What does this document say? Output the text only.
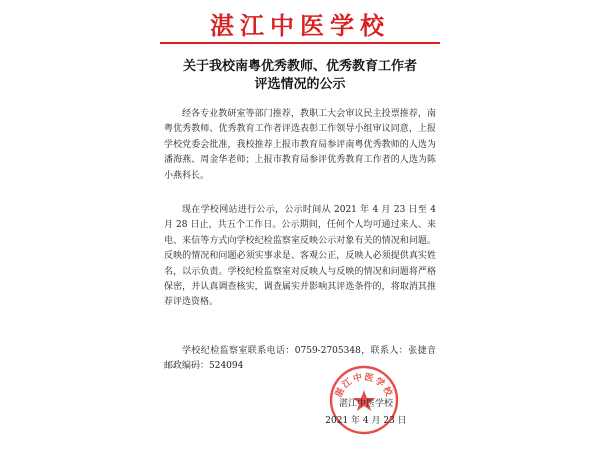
湛江中医学校
关于我校南粤优秀教师、优秀教育工作者
评选情况的公示

经各专业教研室等部门推荐，教职工大会审议民主投票推荐，南粤优秀教师、优秀教育工作者评选表彰工作领导小组审议同意，上报学校党委会批准，我校推荐上报市教育局参评南粤优秀教师的人选为潘海燕、周金华老师；上报市教育局参评优秀教育工作者的人选为陈小燕科长。

现在学校网站进行公示，公示时间从 2021 年 4 月 23 日至 4 月 28 日止，共五个工作日。公示期间，任何个人均可通过来人、来电、来信等方式向学校纪检监察室反映公示对象有关的情况和问题。反映的情况和问题必须实事求是、客观公正，反映人必须提供真实姓名，以示负责。学校纪检监察室对反映人与反映的情况和问题将严格保密，并认真调查核实，调查属实并影响其评选条件的，将取消其推荐评选资格。

学校纪检监察室联系电话：0759-2705348，联系人：张捷音　邮政编码：524094

湛江中医学校
湛江中医学校
2021 年 4 月 23 日
